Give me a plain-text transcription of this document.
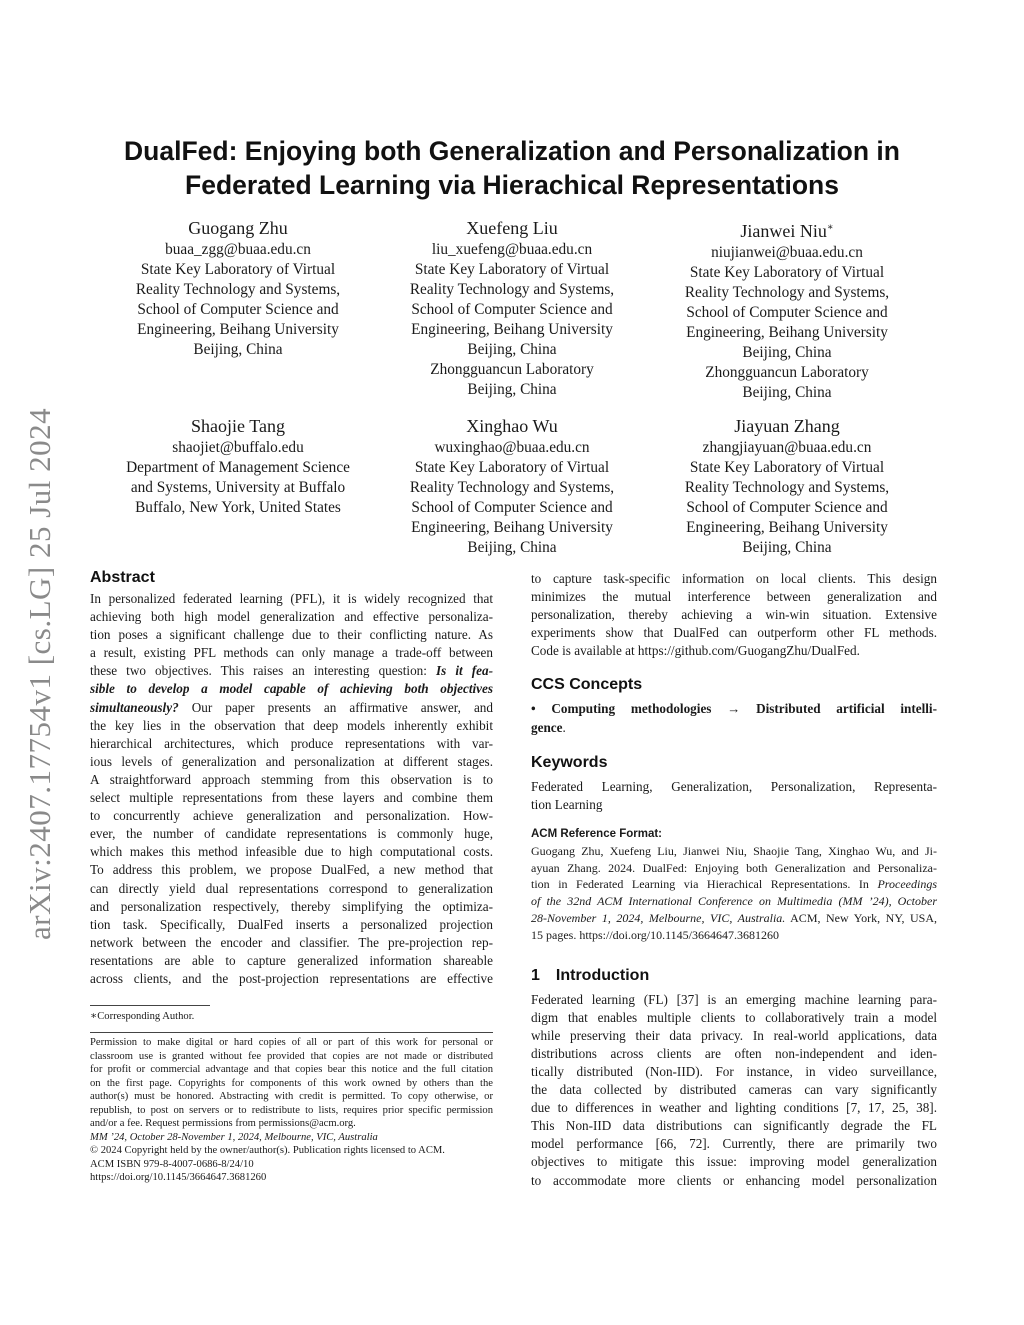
arXiv:2407.17754v1 [cs.LG] 25 Jul 2024
DualFed: Enjoying both Generalization and Personalization in
Federated Learning via Hierachical Representations
Guogang Zhu
buaa_zgg@buaa.edu.cn
State Key Laboratory of Virtual
Reality Technology and Systems,
School of Computer Science and
Engineering, Beihang University
Beijing, China
Xuefeng Liu
liu_xuefeng@buaa.edu.cn
State Key Laboratory of Virtual
Reality Technology and Systems,
School of Computer Science and
Engineering, Beihang University
Beijing, China
Zhongguancun Laboratory
Beijing, China
Jianwei Niu∗
niujianwei@buaa.edu.cn
State Key Laboratory of Virtual
Reality Technology and Systems,
School of Computer Science and
Engineering, Beihang University
Beijing, China
Zhongguancun Laboratory
Beijing, China
Shaojie Tang
shaojiet@buffalo.edu
Department of Management Science
and Systems, University at Buffalo
Buffalo, New York, United States
Xinghao Wu
wuxinghao@buaa.edu.cn
State Key Laboratory of Virtual
Reality Technology and Systems,
School of Computer Science and
Engineering, Beihang University
Beijing, China
Jiayuan Zhang
zhangjiayuan@buaa.edu.cn
State Key Laboratory of Virtual
Reality Technology and Systems,
School of Computer Science and
Engineering, Beihang University
Beijing, China
Abstract
In personalized federated learning (PFL), it is widely recognized that
achieving both high model generalization and effective personaliza-
tion poses a significant challenge due to their conflicting nature. As
a result, existing PFL methods can only manage a trade-off between
these two objectives. This raises an interesting question: Is it fea-
sible to develop a model capable of achieving both objectives
simultaneously? Our paper presents an affirmative answer, and
the key lies in the observation that deep models inherently exhibit
hierarchical architectures, which produce representations with var-
ious levels of generalization and personalization at different stages.
A straightforward approach stemming from this observation is to
select multiple representations from these layers and combine them
to concurrently achieve generalization and personalization. How-
ever, the number of candidate representations is commonly huge,
which makes this method infeasible due to high computational costs.
To address this problem, we propose DualFed, a new method that
can directly yield dual representations correspond to generalization
and personalization respectively, thereby simplifying the optimiza-
tion task. Specifically, DualFed inserts a personalized projection
network between the encoder and classifier. The pre-projection rep-
resentations are able to capture generalized information shareable
across clients, and the post-projection representations are effective
∗Corresponding Author.
Permission to make digital or hard copies of all or part of this work for personal or
classroom use is granted without fee provided that copies are not made or distributed
for profit or commercial advantage and that copies bear this notice and the full citation
on the first page. Copyrights for components of this work owned by others than the
author(s) must be honored. Abstracting with credit is permitted. To copy otherwise, or
republish, to post on servers or to redistribute to lists, requires prior specific permission
and/or a fee. Request permissions from permissions@acm.org.
MM ’24, October 28-November 1, 2024, Melbourne, VIC, Australia
© 2024 Copyright held by the owner/author(s). Publication rights licensed to ACM.
ACM ISBN 979-8-4007-0686-8/24/10
https://doi.org/10.1145/3664647.3681260
to capture task-specific information on local clients. This design
minimizes the mutual interference between generalization and
personalization, thereby achieving a win-win situation. Extensive
experiments show that DualFed can outperform other FL methods.
Code is available at https://github.com/GuogangZhu/DualFed.
CCS Concepts
• Computing methodologies → Distributed artificial intelli-
gence.
Keywords
Federated Learning, Generalization, Personalization, Representa-
tion Learning
ACM Reference Format:
Guogang Zhu, Xuefeng Liu, Jianwei Niu, Shaojie Tang, Xinghao Wu, and Ji-
ayuan Zhang. 2024. DualFed: Enjoying both Generalization and Personaliza-
tion in Federated Learning via Hierachical Representations. In Proceedings
of the 32nd ACM International Conference on Multimedia (MM ’24), October
28-November 1, 2024, Melbourne, VIC, Australia. ACM, New York, NY, USA,
15 pages. https://doi.org/10.1145/3664647.3681260
1 Introduction
Federated learning (FL) [37] is an emerging machine learning para-
digm that enables multiple clients to collaboratively train a model
while preserving their data privacy. In real-world applications, data
distributions across clients are often non-independent and iden-
tically distributed (Non-IID). For instance, in video surveillance,
the data collected by distributed cameras can vary significantly
due to differences in weather and lighting conditions [7, 17, 25, 38].
This Non-IID data distributions can significantly degrade the FL
model performance [66, 72]. Currently, there are primarily two
objectives to mitigate this issue: improving model generalization
to accommodate more clients or enhancing model personalization
